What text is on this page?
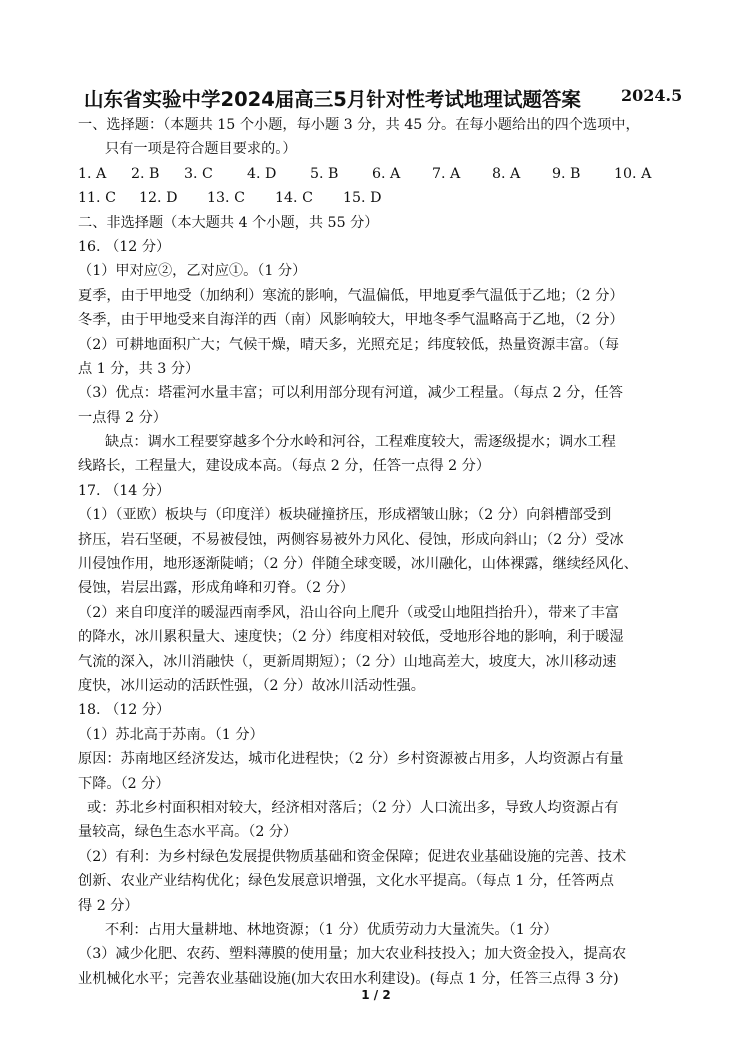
山东省实验中学2024届高三5月针对性考试地理试题答案	2024.5
一、选择题：（本题共 15 个小题，每小题 3 分，共 45 分。在每小题给出的四个选项中，
只有一项是符合题目要求的。）
1. A	2. B	3. C	4. D	5. B	6. A	7. A	8. A	9. B	10. A
11. C	12. D	13. C	14. C	15. D
二、非选择题（本大题共 4 个小题，共 55 分）
16. （12 分）
（1）甲对应②，乙对应①。（1 分）
夏季，由于甲地受（加纳利）寒流的影响，气温偏低，甲地夏季气温低于乙地；（2 分）
冬季，由于甲地受来自海洋的西（南）风影响较大，甲地冬季气温略高于乙地，（2 分）
（2）可耕地面积广大；气候干燥，晴天多，光照充足；纬度较低，热量资源丰富。（每
点 1 分，共 3 分）
（3）优点：塔霍河水量丰富；可以利用部分现有河道，减少工程量。（每点 2 分，任答
一点得 2 分）
缺点：调水工程要穿越多个分水岭和河谷，工程难度较大，需逐级提水；调水工程
线路长，工程量大，建设成本高。（每点 2 分，任答一点得 2 分）
17. （14 分）
（1）（亚欧）板块与（印度洋）板块碰撞挤压，形成褶皱山脉；（2 分）向斜槽部受到
挤压，岩石坚硬，不易被侵蚀，两侧容易被外力风化、侵蚀，形成向斜山；（2 分）受冰
川侵蚀作用，地形逐渐陡峭；（2 分）伴随全球变暖，冰川融化，山体裸露，继续经风化、
侵蚀，岩层出露，形成角峰和刃脊。（2 分）
（2）来自印度洋的暖湿西南季风，沿山谷向上爬升（或受山地阻挡抬升），带来了丰富
的降水，冰川累积量大、速度快；（2 分）纬度相对较低，受地形谷地的影响，利于暖湿
气流的深入，冰川消融快（，更新周期短）；（2 分）山地高差大，坡度大，冰川移动速
度快，冰川运动的活跃性强，（2 分）故冰川活动性强。
18. （12 分）
（1）苏北高于苏南。（1 分）
原因：苏南地区经济发达，城市化进程快；（2 分）乡村资源被占用多，人均资源占有量
下降。（2 分）
或：苏北乡村面积相对较大，经济相对落后；（2 分）人口流出多，导致人均资源占有
量较高，绿色生态水平高。（2 分）
（2）有利：为乡村绿色发展提供物质基础和资金保障；促进农业基础设施的完善、技术
创新、农业产业结构优化；绿色发展意识增强，文化水平提高。（每点 1 分，任答两点
得 2 分）
不利：占用大量耕地、林地资源；（1 分）优质劳动力大量流失。（1 分）
（3）减少化肥、农药、塑料薄膜的使用量；加大农业科技投入；加大资金投入，提高农
业机械化水平；完善农业基础设施(加大农田水利建设)。(每点 1 分，任答三点得 3 分)
1 / 2
